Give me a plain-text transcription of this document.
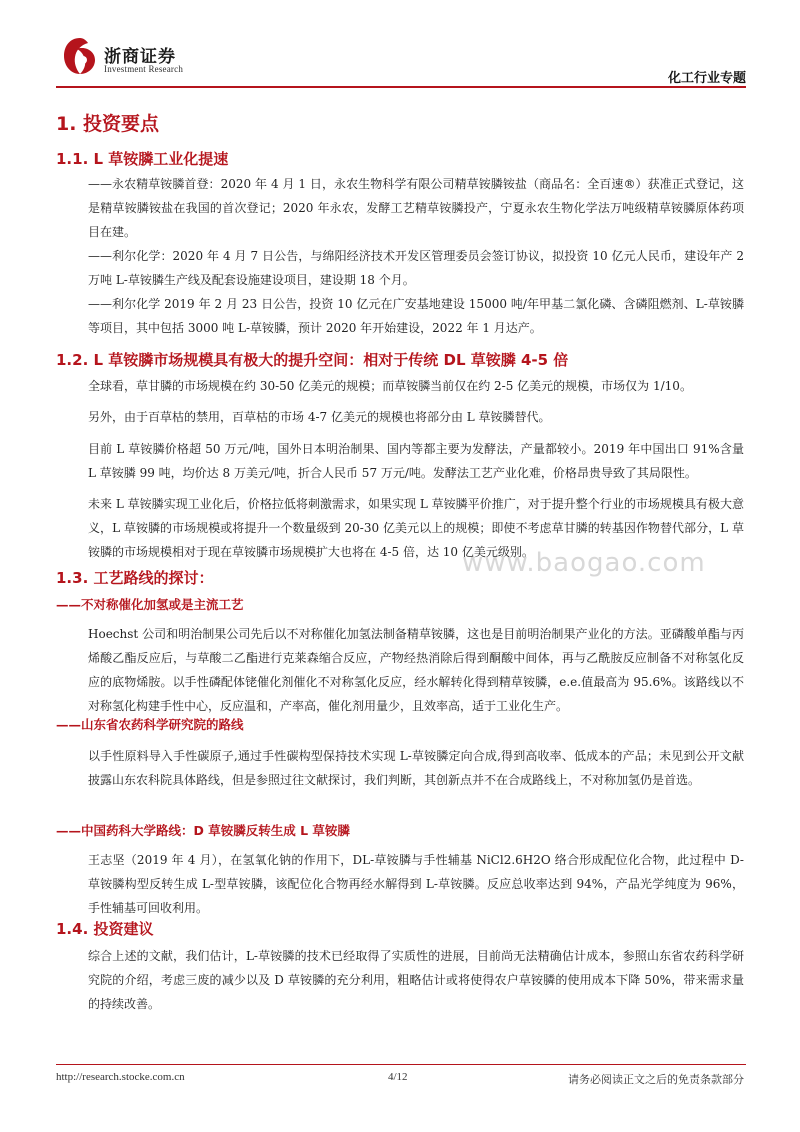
浙商证券
Investment Research
化工行业专题
1. 投资要点
1.1. L 草铵膦工业化提速
——永农精草铵膦首登：2020 年 4 月 1 日，永农生物科学有限公司精草铵膦铵盐（商品名：全百速®）获准正式登记，这是精草铵膦铵盐在我国的首次登记；2020 年永农，发酵工艺精草铵膦投产，宁夏永农生物化学法万吨级精草铵膦原体药项目在建。
——利尔化学：2020 年 4 月 7 日公告，与绵阳经济技术开发区管理委员会签订协议，拟投资 10 亿元人民币，建设年产 2 万吨 L-草铵膦生产线及配套设施建设项目，建设期 18 个月。
——利尔化学 2019 年 2 月 23 日公告，投资 10 亿元在广安基地建设 15000 吨/年甲基二氯化磷、含磷阻燃剂、L-草铵膦等项目，其中包括 3000 吨 L-草铵膦，预计 2020 年开始建设，2022 年 1 月达产。
1.2. L 草铵膦市场规模具有极大的提升空间：相对于传统 DL 草铵膦 4-5 倍
全球看，草甘膦的市场规模在约 30-50 亿美元的规模；而草铵膦当前仅在约 2-5 亿美元的规模，市场仅为 1/10。
另外，由于百草枯的禁用，百草枯的市场 4-7 亿美元的规模也将部分由 L 草铵膦替代。
目前 L 草铵膦价格超 50 万元/吨，国外日本明治制果、国内等都主要为发酵法，产量都较小。2019 年中国出口 91%含量 L 草铵膦 99 吨，均价达 8 万美元/吨，折合人民币 57 万元/吨。发酵法工艺产业化难，价格昂贵导致了其局限性。
未来 L 草铵膦实现工业化后，价格拉低将刺激需求，如果实现 L 草铵膦平价推广，对于提升整个行业的市场规模具有极大意义，L 草铵膦的市场规模或将提升一个数量级到 20-30 亿美元以上的规模；即使不考虑草甘膦的转基因作物替代部分，L 草铵膦的市场规模相对于现在草铵膦市场规模扩大也将在 4-5 倍，达 10 亿美元级别。
www.baogao.com
1.3. 工艺路线的探讨：
——不对称催化加氢或是主流工艺
Hoechst 公司和明治制果公司先后以不对称催化加氢法制备精草铵膦，这也是目前明治制果产业化的方法。亚磷酸单酯与丙烯酸乙酯反应后，与草酸二乙酯进行克莱森缩合反应，产物经热消除后得到酮酸中间体，再与乙酰胺反应制备不对称氢化反应的底物烯胺。以手性磷配体铑催化剂催化不对称氢化反应，经水解转化得到精草铵膦，e.e.值最高为 95.6%。该路线以不对称氢化构建手性中心，反应温和，产率高，催化剂用量少，且效率高，适于工业化生产。
——山东省农药科学研究院的路线
以手性原料导入手性碳原子,通过手性碳构型保持技术实现 L-草铵膦定向合成,得到高收率、低成本的产品；未见到公开文献披露山东农科院具体路线，但是参照过往文献探讨，我们判断，其创新点并不在合成路线上，不对称加氢仍是首选。
——中国药科大学路线：D 草铵膦反转生成 L 草铵膦
王志坚（2019 年 4 月），在氢氧化钠的作用下，DL-草铵膦与手性辅基 NiCl2.6H2O 络合形成配位化合物，此过程中 D-草铵膦构型反转生成 L-型草铵膦，该配位化合物再经水解得到 L-草铵膦。反应总收率达到 94%，产品光学纯度为 96%，手性辅基可回收利用。
1.4. 投资建议
综合上述的文献，我们估计，L-草铵膦的技术已经取得了实质性的进展，目前尚无法精确估计成本，参照山东省农药科学研究院的介绍，考虑三废的减少以及 D 草铵膦的充分利用，粗略估计或将使得农户草铵膦的使用成本下降 50%，带来需求量的持续改善。
http://research.stocke.com.cn	4/12	请务必阅读正文之后的免责条款部分
